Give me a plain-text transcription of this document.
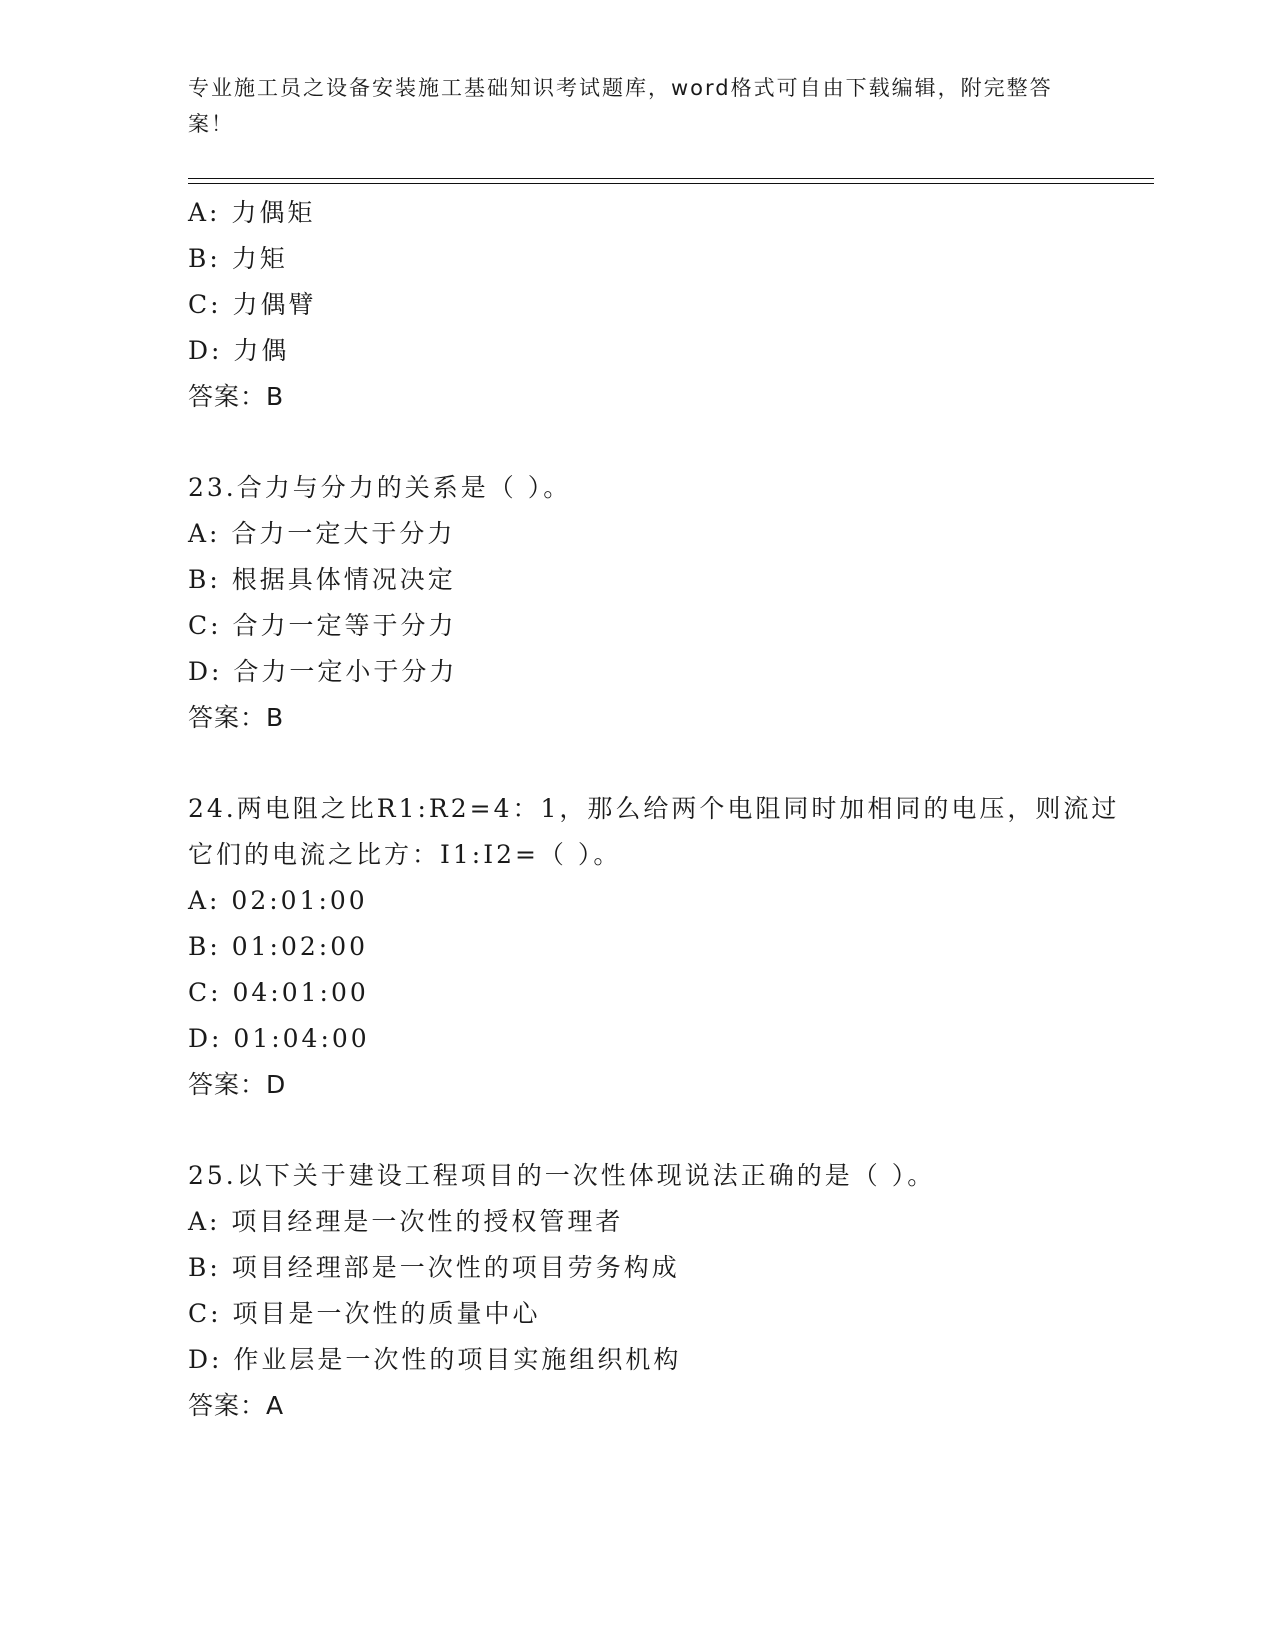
专业施工员之设备安装施工基础知识考试题库，word格式可自由下载编辑，附完整答案！
A: 力偶矩
B: 力矩
C: 力偶臂
D: 力偶
答案：B
23.合力与分力的关系是（ ）。
A: 合力一定大于分力
B: 根据具体情况决定
C: 合力一定等于分力
D: 合力一定小于分力
答案：B
24.两电阻之比R1:R2=4：1，那么给两个电阻同时加相同的电压，则流过它们的电流之比方：I1:I2=（ ）。
A: 02:01:00
B: 01:02:00
C: 04:01:00
D: 01:04:00
答案：D
25.以下关于建设工程项目的一次性体现说法正确的是（ ）。
A: 项目经理是一次性的授权管理者
B: 项目经理部是一次性的项目劳务构成
C: 项目是一次性的质量中心
D: 作业层是一次性的项目实施组织机构
答案：A
